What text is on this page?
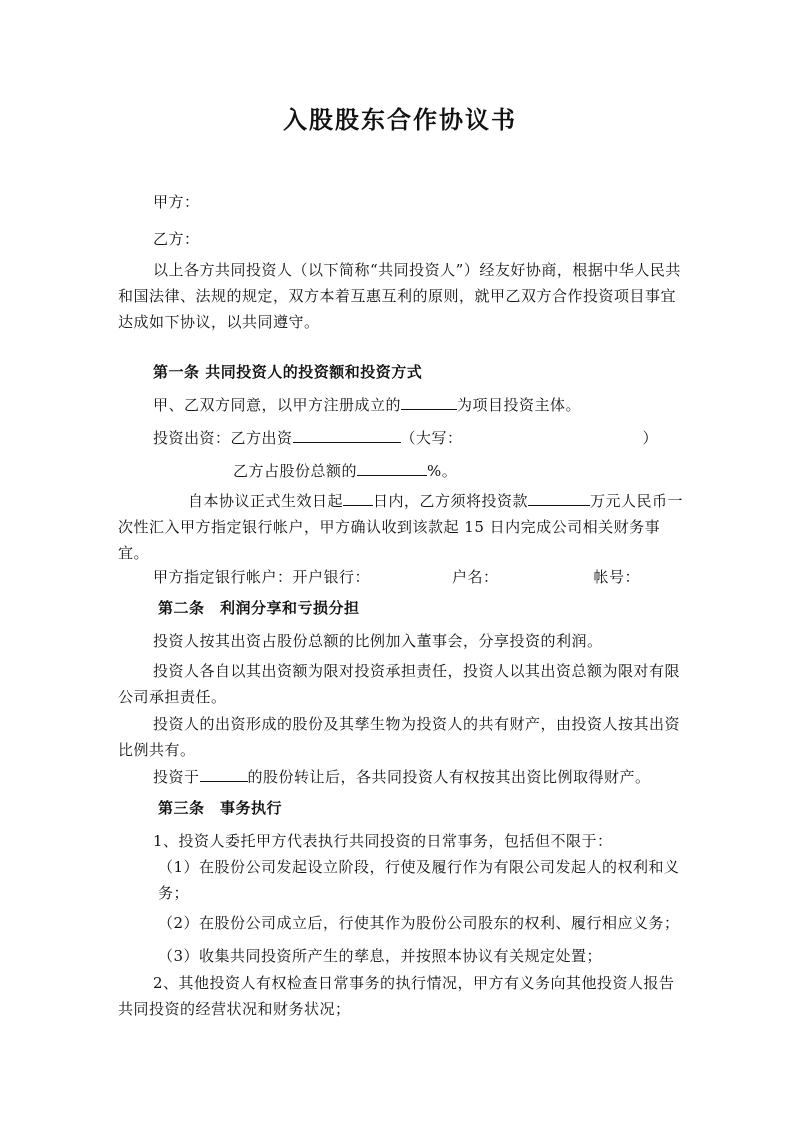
入股股东合作协议书
甲方：
乙方：
以上各方共同投资人（以下简称“共同投资人”）经友好协商，根据中华人民共和国法律、法规的规定，双方本着互惠互利的原则，就甲乙双方合作投资项目事宜达成如下协议，以共同遵守。
第一条 共同投资人的投资额和投资方式
甲、乙双方同意，以甲方注册成立的	为项目投资主体。
投资出资：乙方出资	（大写：	）
乙方占股份总额的	%。
自本协议正式生效日起 日内，乙方须将投资款	万元人民币一次性汇入甲方指定银行帐户，甲方确认收到该款起 15 日内完成公司相关财务事宜。
甲方指定银行帐户：开户银行：	户名：	帐号：
第二条　利润分享和亏损分担
投资人按其出资占股份总额的比例加入董事会，分享投资的利润。
投资人各自以其出资额为限对投资承担责任，投资人以其出资总额为限对有限公司承担责任。
投资人的出资形成的股份及其孳生物为投资人的共有财产，由投资人按其出资比例共有。
投资于	的股份转让后，各共同投资人有权按其出资比例取得财产。
第三条　事务执行
1、投资人委托甲方代表执行共同投资的日常事务，包括但不限于：
（1）在股份公司发起设立阶段，行使及履行作为有限公司发起人的权利和义务；
（2）在股份公司成立后，行使其作为股份公司股东的权利、履行相应义务；
（3）收集共同投资所产生的孳息，并按照本协议有关规定处置；
2、其他投资人有权检查日常事务的执行情况，甲方有义务向其他投资人报告共同投资的经营状况和财务状况；
